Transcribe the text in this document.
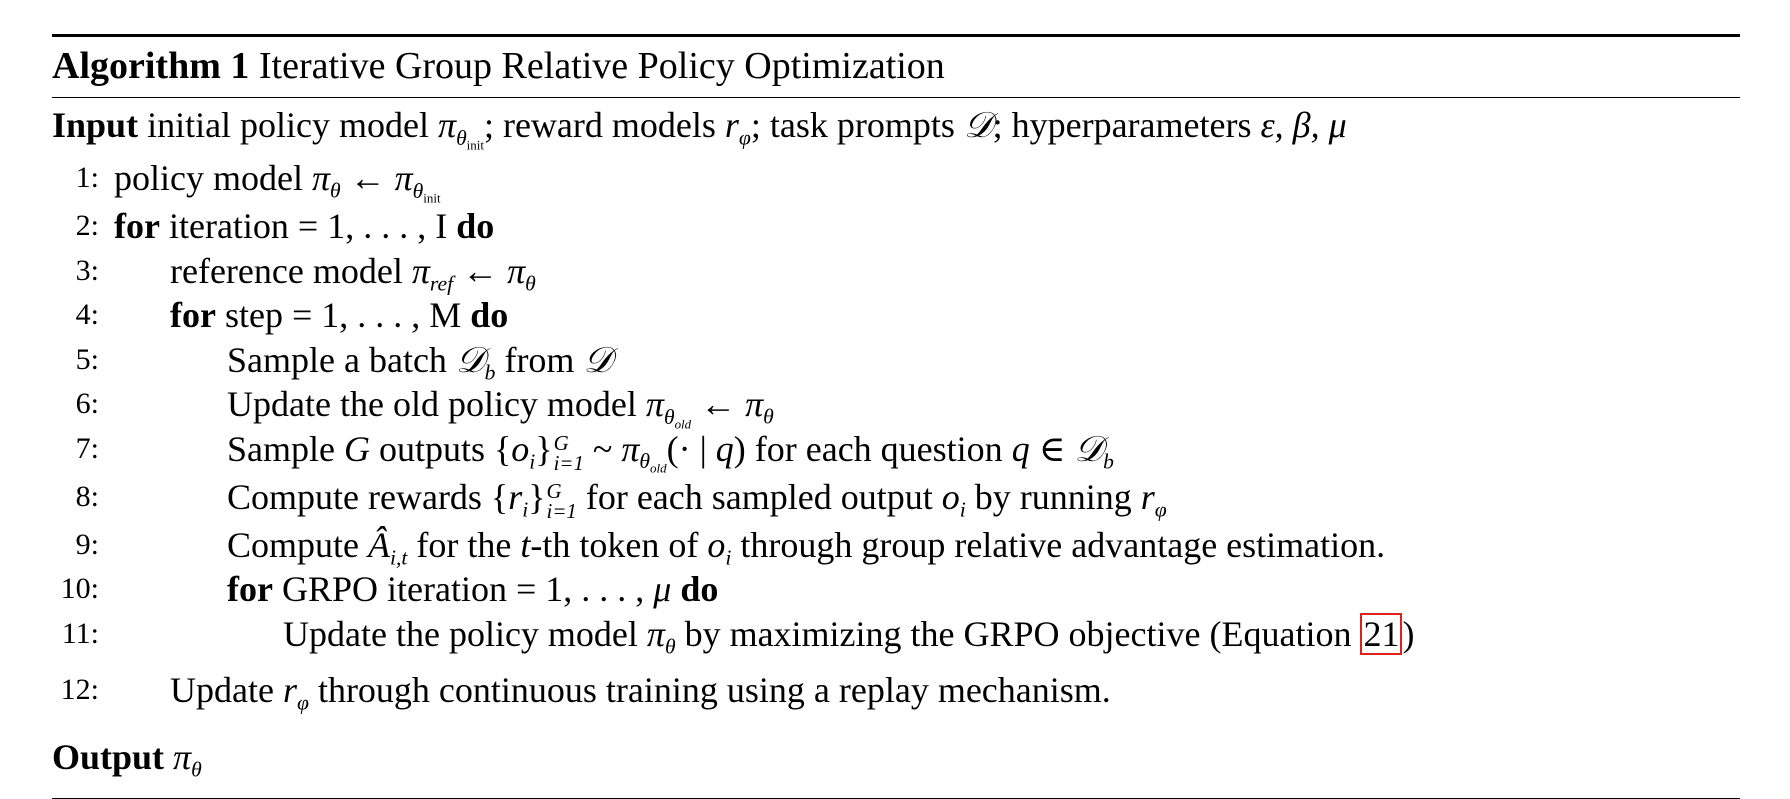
Algorithm 1 Iterative Group Relative Policy Optimization
Input initial policy model $\pi_{\theta_{init}}$; reward models $r_\varphi$; task prompts 𝒟; hyperparameters ε, β, μ
1: policy model $\pi_\theta$ ← $\pi_{\theta_{init}}$
2: for iteration = 1, . . . , I do
3: reference model $\pi_{ref}$ ← $\pi_\theta$
4: for step = 1, . . . , M do
5:	Sample a batch 𝒟$_b$ from 𝒟
6:	Update the old policy model $\pi_{\theta_{old}}$ ← $\pi_\theta$
7:	Sample G outputs $\{o_i\}$ G
i=1 ~ $\pi_{\theta_{old}}(\cdot$ | q) for each question q ∈ 𝒟$_b$
8:	Compute rewards $\{r_i\}$ G
i=1 for each sampled output $o_i$ by running $r_\varphi$
9:	Compute $Â_{i,t}$ for the t-th token of $o_i$ through group relative advantage estimation.
10:	for GRPO iteration = 1, . . . , μ do
11:	Update the policy model $\pi_\theta$ by maximizing the GRPO objective (Equation 21)
12: Update $r_\varphi$ through continuous training using a replay mechanism.
Output $\pi_\theta$
